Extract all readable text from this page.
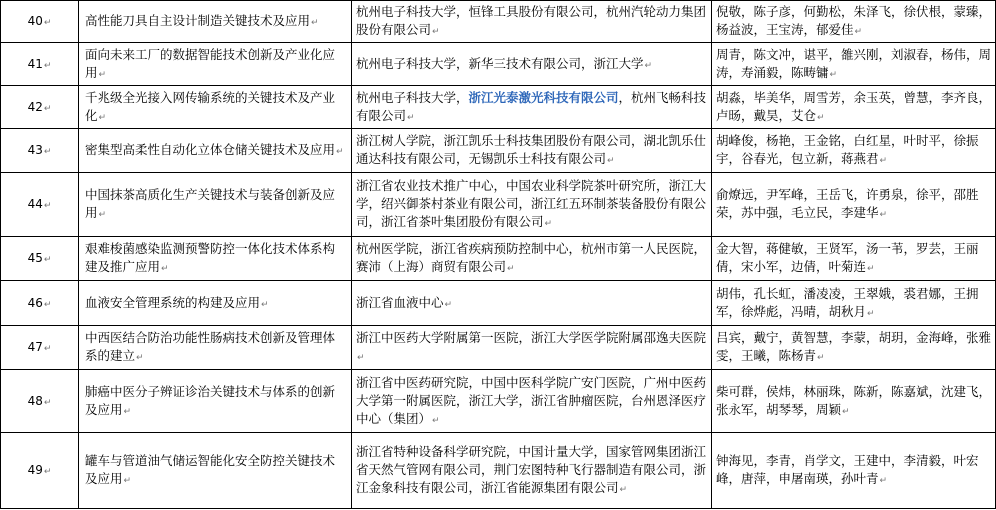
40↵	高性能刀具自主设计制造关键技术及应用↵	杭州电子科技大学，恒锋工具股份有限公司，杭州汽轮动力集团股份有限公司↵	倪敬，陈子彦，何勤松，朱泽飞，徐伏根，蒙臻，杨益波，王宝涛，郁爱佳↵
41↵	面向未来工厂的数据智能技术创新及产业化应用↵	杭州电子科技大学，新华三技术有限公司，浙江大学↵	周青，陈文冲，谌平，雒兴刚，刘淑春，杨伟，周涛，寿涌毅，陈畴镛↵
42↵	千兆级全光接入网传输系统的关键技术及产业化↵	杭州电子科技大学，浙江光泰激光科技有限公司，杭州飞畅科技有限公司↵	胡淼，毕美华，周雪芳，余玉英，曾慧，李齐良，卢旸，戴昊，艾仓↵
43↵	密集型高柔性自动化立体仓储关键技术及应用↵	浙江树人学院，浙江凯乐士科技集团股份有限公司，湖北凯乐仕通达科技有限公司，无锡凯乐士科技有限公司↵	胡峰俊，杨艳，王金铭，白红星，叶时平，徐振宇，谷春光，包立新，蒋燕君↵
44↵	中国抹茶高质化生产关键技术与装备创新及应用↵	浙江省农业技术推广中心，中国农业科学院茶叶研究所，浙江大学，绍兴御茶村茶业有限公司，浙江红五环制茶装备股份有限公司，浙江省茶叶集团股份有限公司↵	俞燎远，尹军峰，王岳飞，许勇泉，徐平，邵胜荣，苏中强，毛立民，李建华↵
45↵	艰难梭菌感染监测预警防控一体化技术体系构建及推广应用↵	杭州医学院，浙江省疾病预防控制中心，杭州市第一人民医院，赛沛（上海）商贸有限公司↵	金大智，蒋健敏，王贤军，汤一苇，罗芸，王丽倩，宋小军，边倩，叶菊连↵
46↵	血液安全管理系统的构建及应用↵	浙江省血液中心↵	胡伟，孔长虹，潘凌凌，王翠娥，裘君娜，王拥军，徐烨彪，冯晴，胡秋月↵
47↵	中西医结合防治功能性肠病技术创新及管理体系的建立↵	浙江中医药大学附属第一医院，浙江大学医学院附属邵逸夫医院↵	吕宾，戴宁，黄智慧，李蒙，胡玥，金海峰，张雅雯，王曦，陈杨青↵
48↵	肺癌中医分子辨证诊治关键技术与体系的创新及应用↵	浙江省中医药研究院，中国中医科学院广安门医院，广州中医药大学第一附属医院，浙江大学，浙江省肿瘤医院，台州恩泽医疗中心（集团）↵	柴可群，侯炜，林丽珠，陈新，陈嘉斌，沈建飞，张永军，胡琴琴，周颖↵
49↵	罐车与管道油气储运智能化安全防控关键技术及应用↵	浙江省特种设备科学研究院，中国计量大学，国家管网集团浙江省天然气管网有限公司，荆门宏图特种飞行器制造有限公司，浙江金象科技有限公司，浙江省能源集团有限公司↵	钟海见，李青，肖学文，王建中，李清毅，叶宏峰，唐萍，申屠南瑛，孙叶青↵
